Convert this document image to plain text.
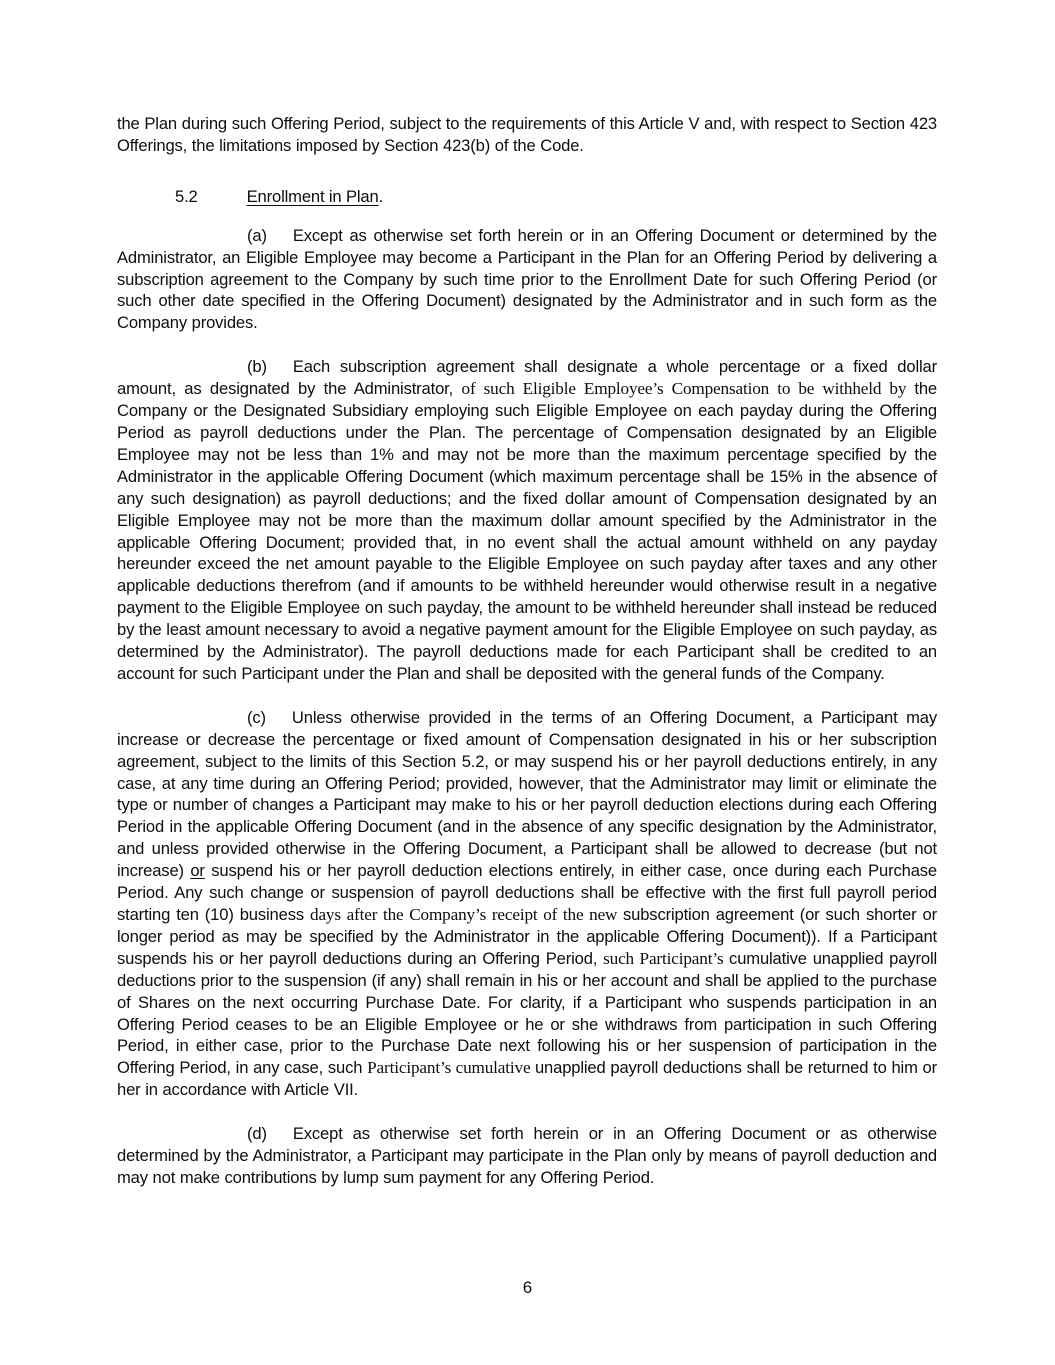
the Plan during such Offering Period, subject to the requirements of this Article V and, with respect to Section 423 Offerings, the limitations imposed by Section 423(b) of the Code.

5.2	Enrollment in Plan.

(a) Except as otherwise set forth herein or in an Offering Document or determined by the Administrator, an Eligible Employee may become a Participant in the Plan for an Offering Period by delivering a subscription agreement to the Company by such time prior to the Enrollment Date for such Offering Period (or such other date specified in the Offering Document) designated by the Administrator and in such form as the Company provides.

(b) Each subscription agreement shall designate a whole percentage or a fixed dollar amount, as designated by the Administrator, of such Eligible Employee’s Compensation to be withheld by the Company or the Designated Subsidiary employing such Eligible Employee on each payday during the Offering Period as payroll deductions under the Plan. The percentage of Compensation designated by an Eligible Employee may not be less than 1% and may not be more than the maximum percentage specified by the Administrator in the applicable Offering Document (which maximum percentage shall be 15% in the absence of any such designation) as payroll deductions; and the fixed dollar amount of Compensation designated by an Eligible Employee may not be more than the maximum dollar amount specified by the Administrator in the applicable Offering Document; provided that, in no event shall the actual amount withheld on any payday hereunder exceed the net amount payable to the Eligible Employee on such payday after taxes and any other applicable deductions therefrom (and if amounts to be withheld hereunder would otherwise result in a negative payment to the Eligible Employee on such payday, the amount to be withheld hereunder shall instead be reduced by the least amount necessary to avoid a negative payment amount for the Eligible Employee on such payday, as determined by the Administrator). The payroll deductions made for each Participant shall be credited to an account for such Participant under the Plan and shall be deposited with the general funds of the Company.

(c) Unless otherwise provided in the terms of an Offering Document, a Participant may increase or decrease the percentage or fixed amount of Compensation designated in his or her subscription agreement, subject to the limits of this Section 5.2, or may suspend his or her payroll deductions entirely, in any case, at any time during an Offering Period; provided, however, that the Administrator may limit or eliminate the type or number of changes a Participant may make to his or her payroll deduction elections during each Offering Period in the applicable Offering Document (and in the absence of any specific designation by the Administrator, and unless provided otherwise in the Offering Document, a Participant shall be allowed to decrease (but not increase) or suspend his or her payroll deduction elections entirely, in either case, once during each Purchase Period. Any such change or suspension of payroll deductions shall be effective with the first full payroll period starting ten (10) business days after the Company’s receipt of the new subscription agreement (or such shorter or longer period as may be specified by the Administrator in the applicable Offering Document)). If a Participant suspends his or her payroll deductions during an Offering Period, such Participant’s cumulative unapplied payroll deductions prior to the suspension (if any) shall remain in his or her account and shall be applied to the purchase of Shares on the next occurring Purchase Date. For clarity, if a Participant who suspends participation in an Offering Period ceases to be an Eligible Employee or he or she withdraws from participation in such Offering Period, in either case, prior to the Purchase Date next following his or her suspension of participation in the Offering Period, in any case, such Participant’s cumulative unapplied payroll deductions shall be returned to him or her in accordance with Article VII.

(d) Except as otherwise set forth herein or in an Offering Document or as otherwise determined by the Administrator, a Participant may participate in the Plan only by means of payroll deduction and may not make contributions by lump sum payment for any Offering Period.

6
